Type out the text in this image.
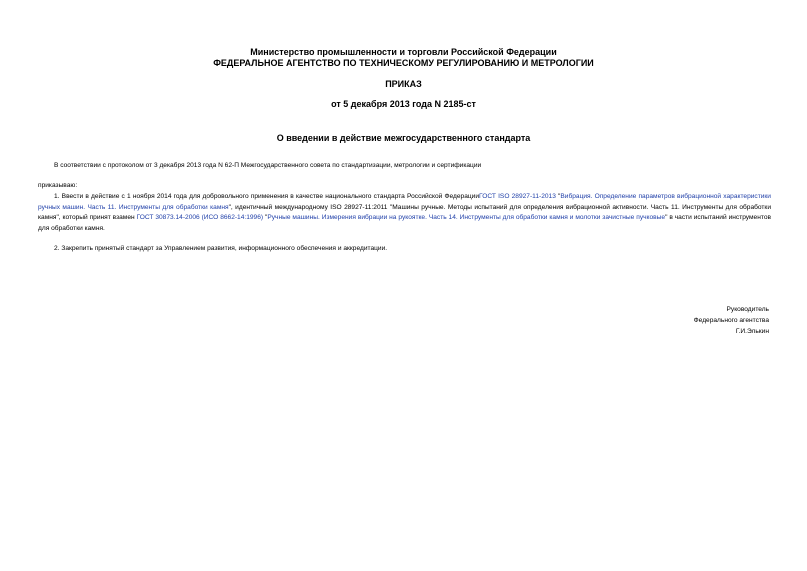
Министерство промышленности и торговли Российской Федерации
ФЕДЕРАЛЬНОЕ АГЕНТСТВО ПО ТЕХНИЧЕСКОМУ РЕГУЛИРОВАНИЮ И МЕТРОЛОГИИ
ПРИКАЗ
от 5 декабря 2013 года N 2185-ст
О введении в действие межгосударственного стандарта

В соответствии с протоколом от 3 декабря 2013 года N 62-П Межгосударственного совета по стандартизации, метрологии и сертификации

приказываю:

1. Ввести в действие с 1 ноября 2014 года для добровольного применения в качестве национального стандарта Российской ФедерацииГОСТ ISO 28927-11-2013 "Вибрация. Определение параметров вибрационной характеристики ручных машин. Часть 11. Инструменты для обработки камня", идентичный международному ISO 28927-11:2011 "Машины ручные. Методы испытаний для определения вибрационной активности. Часть 11. Инструменты для обработки камня", который принят взамен ГОСТ 30873.14-2006 (ИСО 8662-14:1996) "Ручные машины. Измерения вибрации на рукоятке. Часть 14. Инструменты для обработки камня и молотки зачистные пучковые" в части испытаний инструментов для обработки камня.

2. Закрепить принятый стандарт за Управлением развития, информационного обеспечения и аккредитации.

Руководитель
Федерального агентства
Г.И.Элькин
